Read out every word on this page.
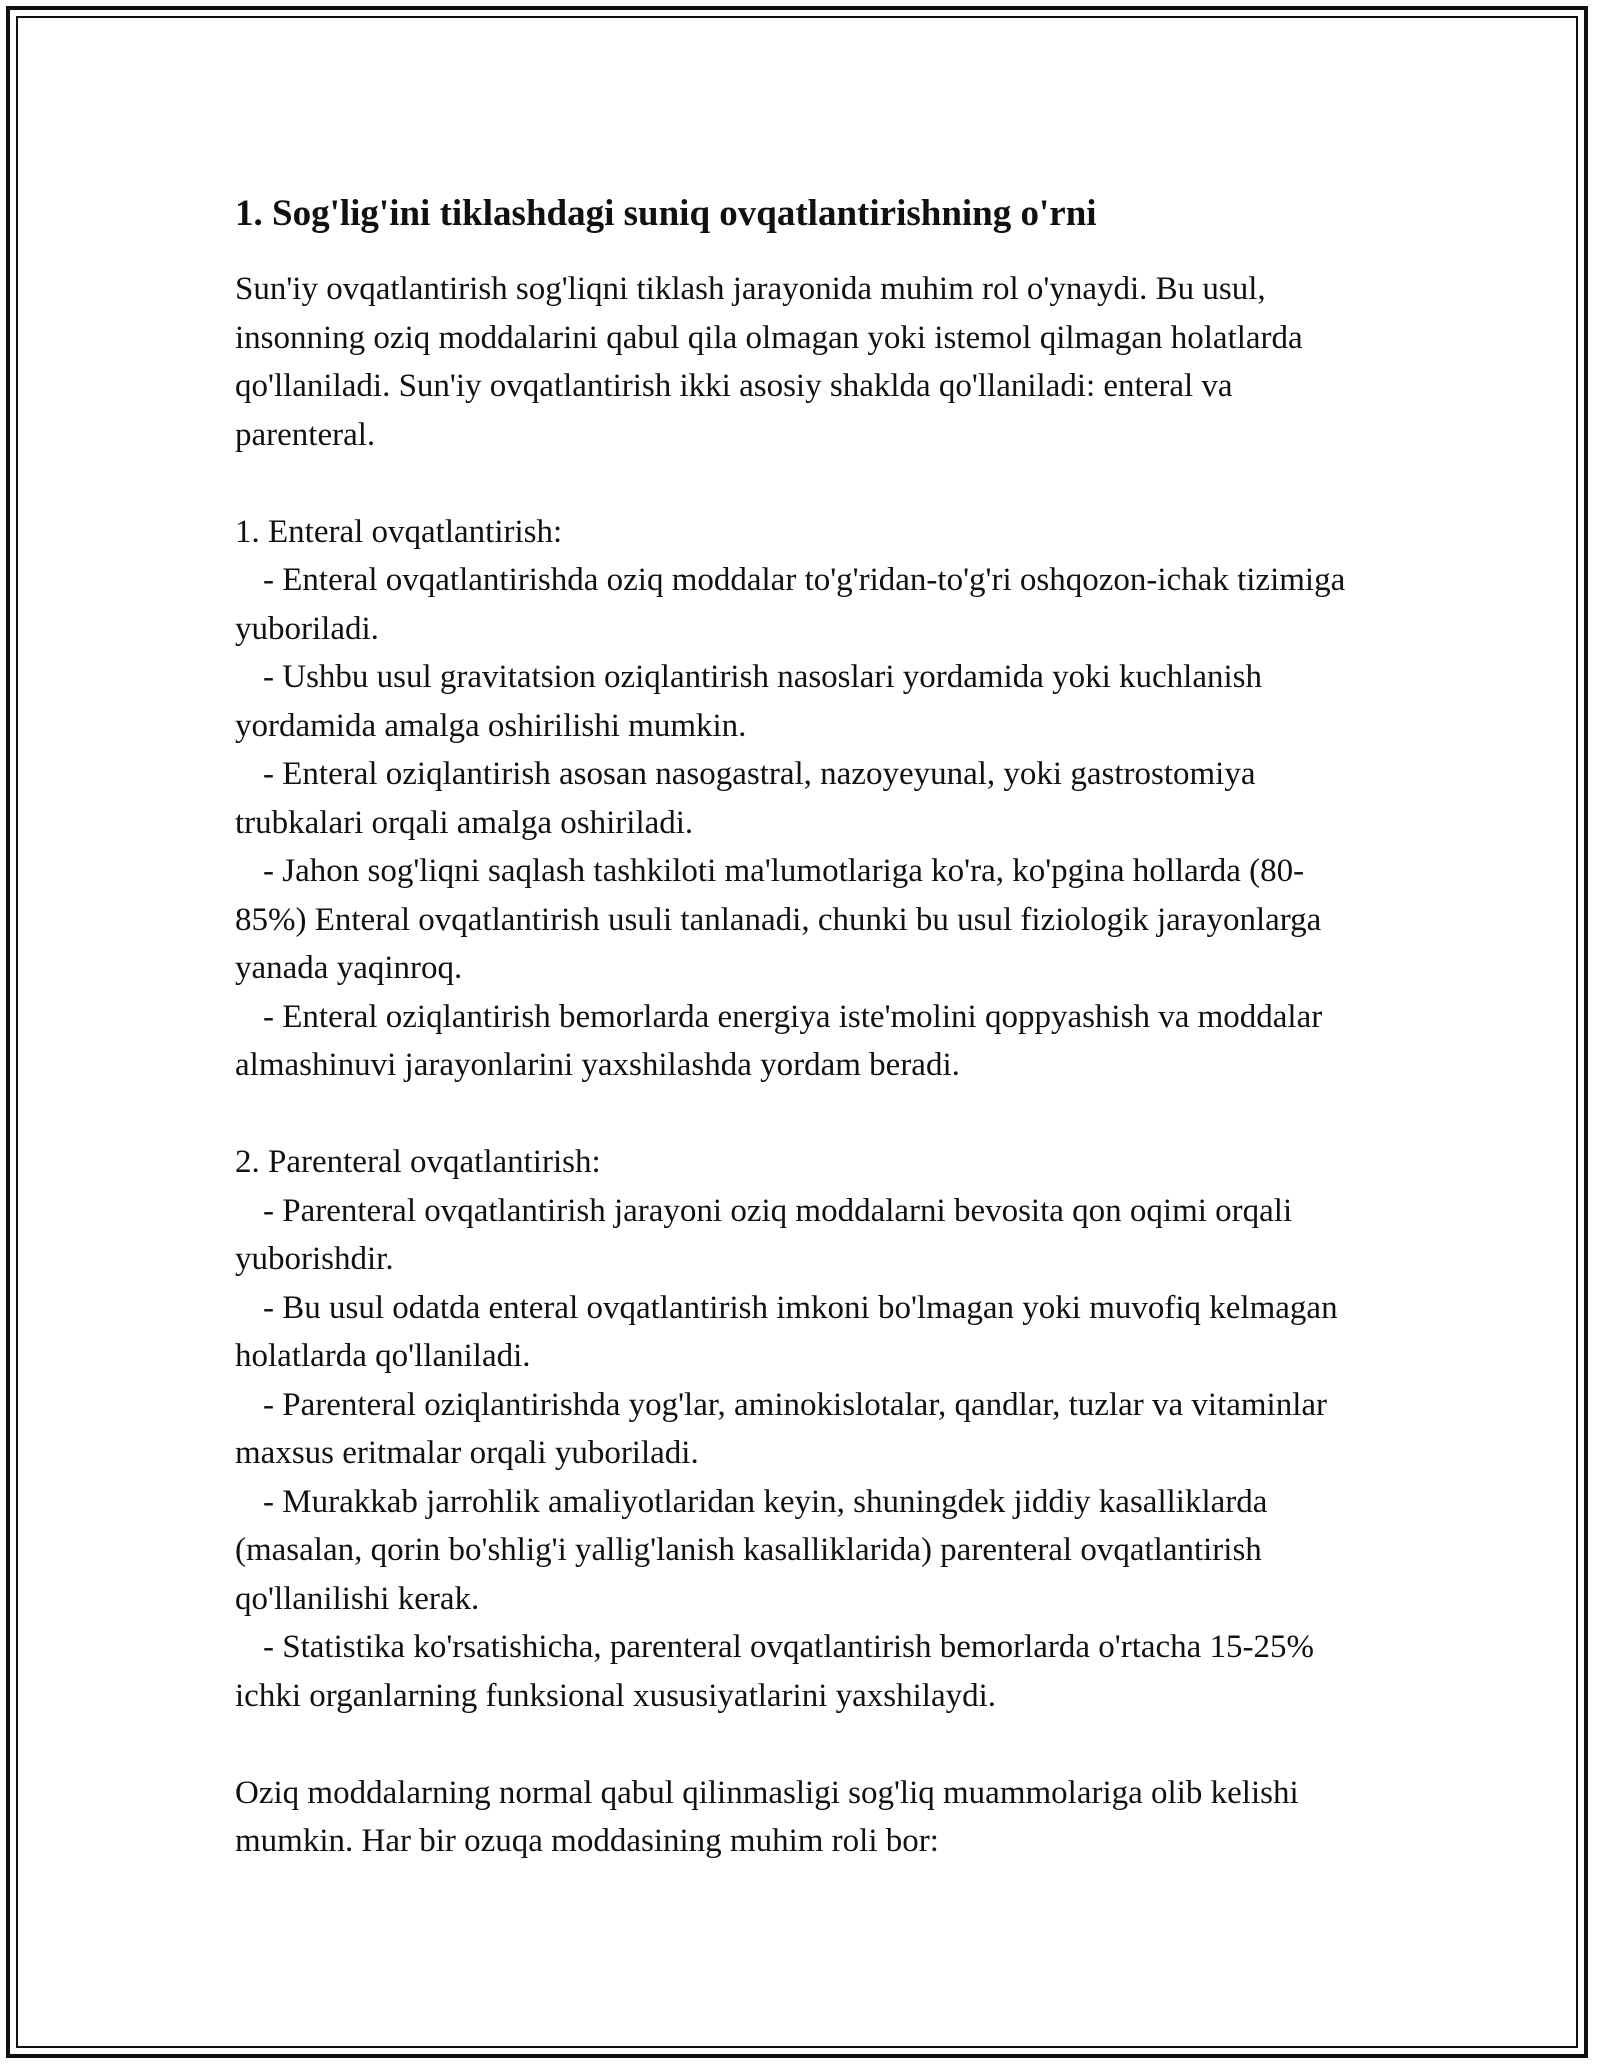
1. Sog'lig'ini tiklashdagi suniq ovqatlantirishning o'rni

Sun'iy ovqatlantirish sog'liqni tiklash jarayonida muhim rol o'ynaydi. Bu usul, insonning oziq moddalarini qabul qila olmagan yoki istemol qilmagan holatlarda qo'llaniladi. Sun'iy ovqatlantirish ikki asosiy shaklda qo'llaniladi: enteral va parenteral.

1. Enteral ovqatlantirish:

- Enteral ovqatlantirishda oziq moddalar to'g'ridan-to'g'ri oshqozon-ichak tizimiga yuboriladi.

- Ushbu usul gravitatsion oziqlantirish nasoslari yordamida yoki kuchlanish yordamida amalga oshirilishi mumkin.

- Enteral oziqlantirish asosan nasogastral, nazoyeyunal, yoki gastrostomiya trubkalari orqali amalga oshiriladi.

- Jahon sog'liqni saqlash tashkiloti ma'lumotlariga ko'ra, ko'pgina hollarda (80-85%) Enteral ovqatlantirish usuli tanlanadi, chunki bu usul fiziologik jarayonlarga yanada yaqinroq.

- Enteral oziqlantirish bemorlarda energiya iste'molini qoppyashish va moddalar almashinuvi jarayonlarini yaxshilashda yordam beradi.

2. Parenteral ovqatlantirish:

- Parenteral ovqatlantirish jarayoni oziq moddalarni bevosita qon oqimi orqali yuborishdir.

- Bu usul odatda enteral ovqatlantirish imkoni bo'lmagan yoki muvofiq kelmagan holatlarda qo'llaniladi.

- Parenteral oziqlantirishda yog'lar, aminokislotalar, qandlar, tuzlar va vitaminlar maxsus eritmalar orqali yuboriladi.

- Murakkab jarrohlik amaliyotlaridan keyin, shuningdek jiddiy kasalliklarda (masalan, qorin bo'shlig'i yallig'lanish kasalliklarida) parenteral ovqatlantirish qo'llanilishi kerak.

- Statistika ko'rsatishicha, parenteral ovqatlantirish bemorlarda o'rtacha 15-25% ichki organlarning funksional xususiyatlarini yaxshilaydi.

Oziq moddalarning normal qabul qilinmasligi sog'liq muammolariga olib kelishi mumkin. Har bir ozuqa moddasining muhim roli bor:
